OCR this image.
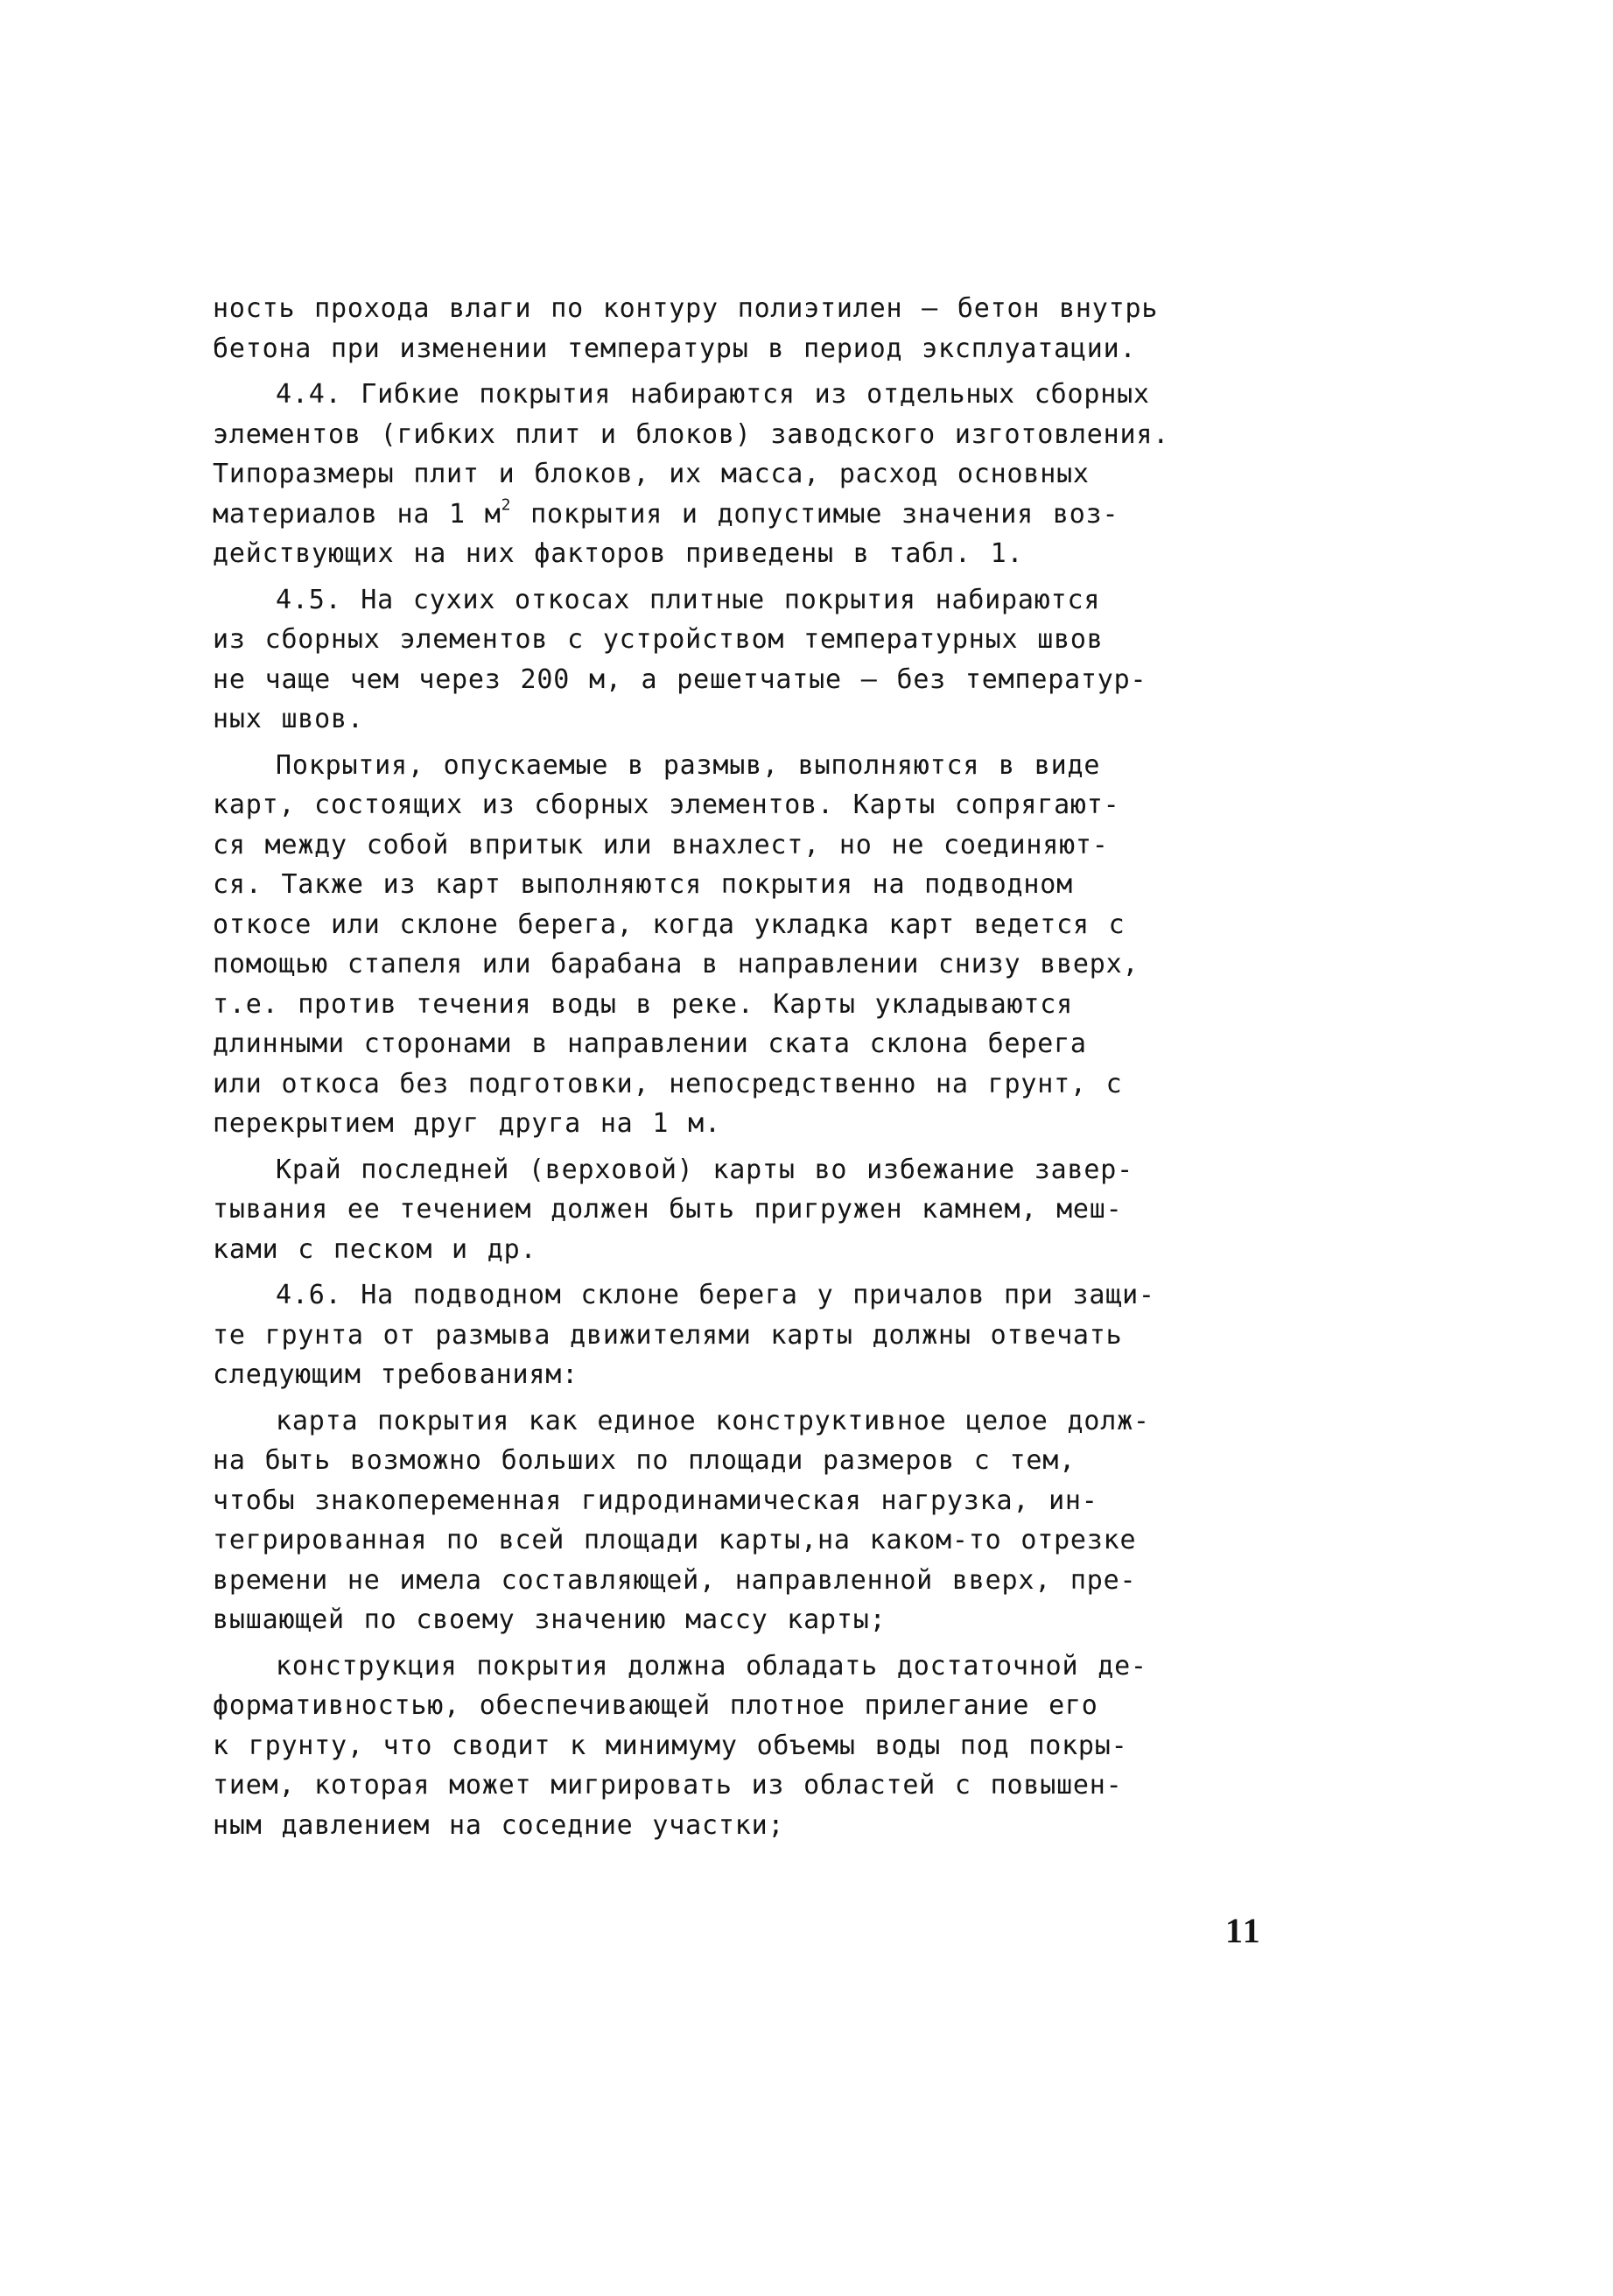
ность прохода влаги по контуру полиэтилен – бетон внутрь
бетона при изменении температуры в период эксплуатации.
4.4. Гибкие покрытия набираются из отдельных сборных
элементов (гибких плит и блоков) заводского изготовления.
Типоразмеры плит и блоков, их масса, расход основных
материалов на 1 $м^2$ покрытия и допустимые значения воз-
действующих на них факторов приведены в табл. 1.
4.5. На сухих откосах плитные покрытия набираются
из сборных элементов с устройством температурных швов
не чаще чем через 200 м, а решетчатые – без температур-
ных швов.
Покрытия, опускаемые в размыв, выполняются в виде
карт, состоящих из сборных элементов. Карты сопрягают-
ся между собой впритык или внахлест, но не соединяют-
ся. Также из карт выполняются покрытия на подводном
откосе или склоне берега, когда укладка карт ведется с
помощью стапеля или барабана в направлении снизу вверх,
т.е. против течения воды в реке. Карты укладываются
длинными сторонами в направлении ската склона берега
или откоса без подготовки, непосредственно на грунт, с
перекрытием друг друга на 1 м.
Край последней (верховой) карты во избежание завер-
тывания ее течением должен быть пригружен камнем, меш-
ками с песком и др.
4.6. На подводном склоне берега у причалов при защи-
те грунта от размыва движителями карты должны отвечать
следующим требованиям:
карта покрытия как единое конструктивное целое долж-
на быть возможно больших по площади размеров с тем,
чтобы знакопеременная гидродинамическая нагрузка, ин-
тегрированная по всей площади карты,на каком-то отрезке
времени не имела составляющей, направленной вверх, пре-
вышающей по своему значению массу карты;
конструкция покрытия должна обладать достаточной де-
формативностью, обеспечивающей плотное прилегание его
к грунту, что сводит к минимуму объемы воды под покры-
тием, которая может мигрировать из областей с повышен-
ным давлением на соседние участки;
11
